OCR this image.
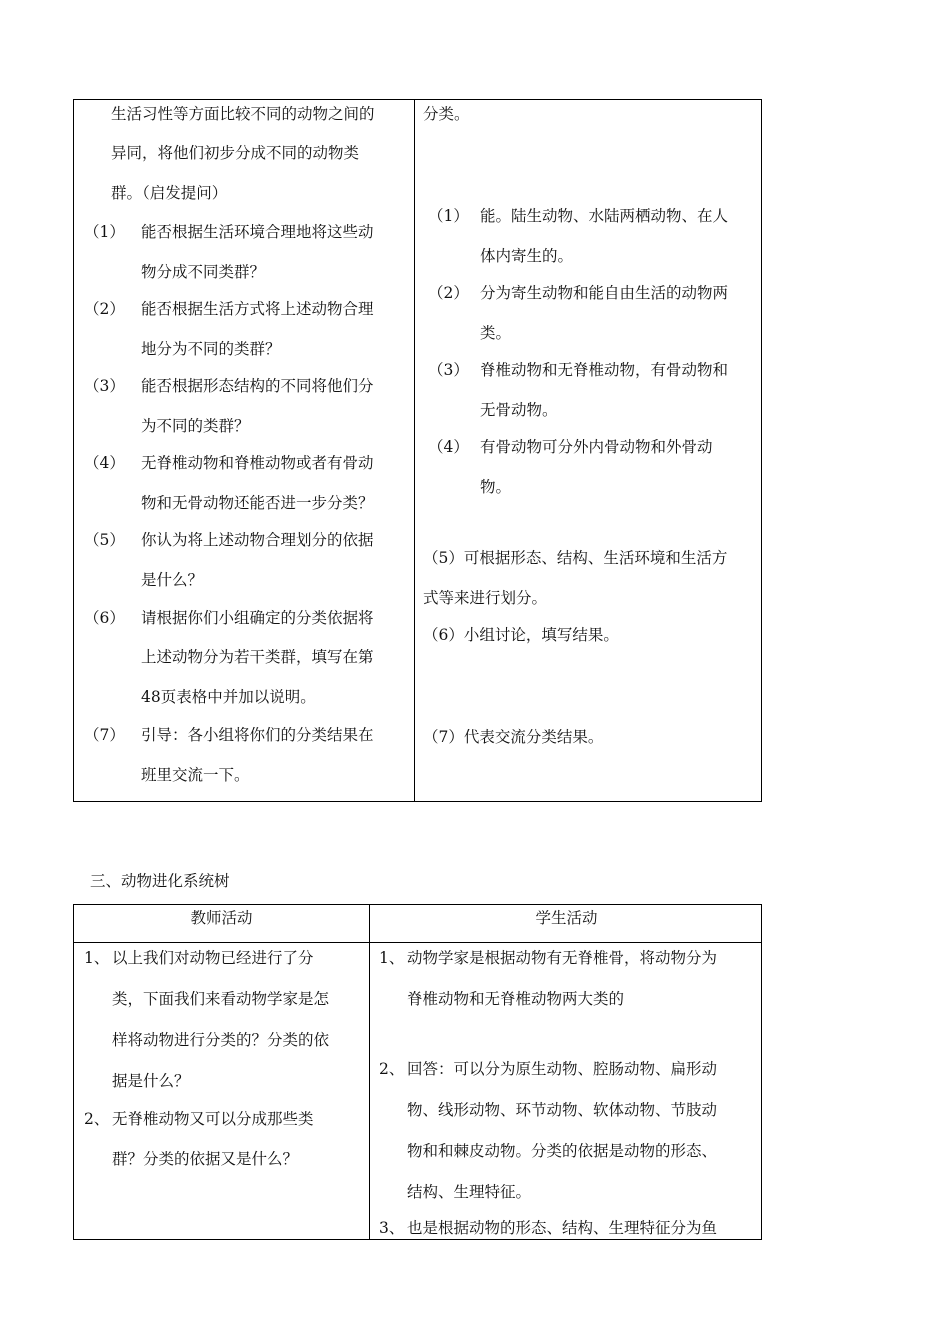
生活习性等方面比较不同的动物之间的
异同，将他们初步分成不同的动物类
群。（启发提问）
（1） 能否根据生活环境合理地将这些动
物分成不同类群？
（2） 能否根据生活方式将上述动物合理
地分为不同的类群？
（3） 能否根据形态结构的不同将他们分
为不同的类群？
（4） 无脊椎动物和脊椎动物或者有骨动
物和无骨动物还能否进一步分类？
（5） 你认为将上述动物合理划分的依据
是什么？
（6） 请根据你们小组确定的分类依据将
上述动物分为若干类群，填写在第
48页表格中并加以说明。
（7） 引导：各小组将你们的分类结果在
班里交流一下。
分类。
（1） 能。陆生动物、水陆两栖动物、在人
体内寄生的。
（2） 分为寄生动物和能自由生活的动物两
类。
（3） 脊椎动物和无脊椎动物，有骨动物和
无骨动物。
（4） 有骨动物可分外内骨动物和外骨动
物。
（5）可根据形态、结构、生活环境和生活方
式等来进行划分。
（6）小组讨论，填写结果。
（7）代表交流分类结果。
三、动物进化系统树
教师活动	学生活动
1、 以上我们对动物已经进行了分
类，下面我们来看动物学家是怎
样将动物进行分类的？分类的依
据是什么？
2、 无脊椎动物又可以分成那些类
群？分类的依据又是什么？
1、 动物学家是根据动物有无脊椎骨，将动物分为
脊椎动物和无脊椎动物两大类的
2、 回答：可以分为原生动物、腔肠动物、扁形动
物、线形动物、环节动物、软体动物、节肢动
物和和棘皮动物。分类的依据是动物的形态、
结构、生理特征。
3、 也是根据动物的形态、结构、生理特征分为鱼
